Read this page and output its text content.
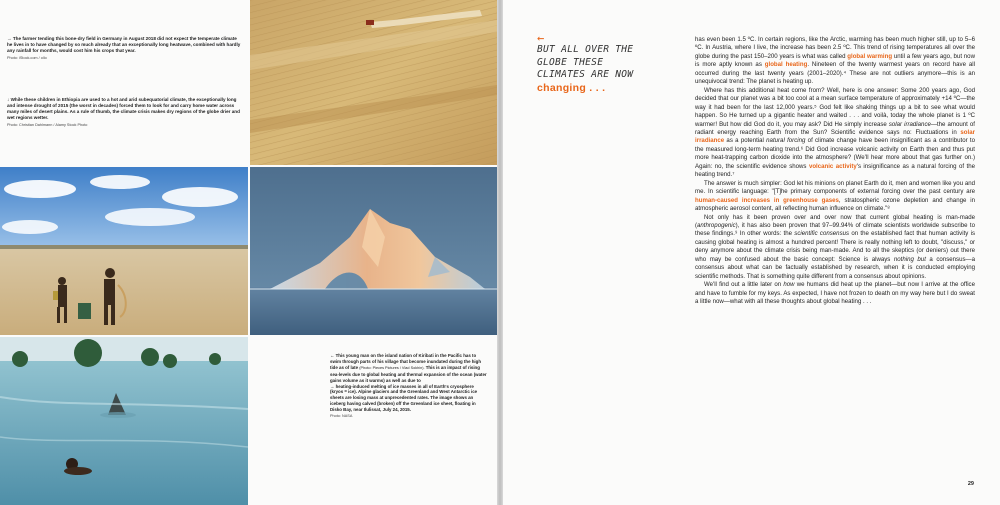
→ The farmer tending this bone-dry field in Germany in August 2018 did not expect the temperate climate he lives in to have changed by so much already that an exceptionally long heatwave, combined with hardly any rainfall for months, would cost him his crops that year.
Photo: iStock.com / ollo
↓ While these children in Ethiopia are used to a hot and arid subequatorial climate, the exceptionally long and intense drought of 2015 (the worst in decades) forced them to look for and carry home water across many miles of desert plains. As a rule of thumb, the climate crisis makes dry regions of the globe drier and wet regions wetter.
Photo: Christian Dahlmann / Alamy Stock Photo
← This young man on the island nation of Kiribati in the Pacific has to swim through parts of his village that become inundated during the high tide as of late (Photo: Pieces Pictures / Vlad Sokhin). This is an impact of rising sea-levels due to global heating and thermal expansion of the ocean (water gains volume as it warms) as well as due to
→ heating-induced melting of ice masses in all of Earth's cryosphere (kryos = ice). Alpine glaciers and the Greenland and West Antarctic ice sheets are losing mass at unprecedented rates. The image shows an iceberg having calved (broken) off the Greenland ice sheet, floating in Disko Bay, near Ilulissat, July 24, 2015.
Photo: NASA
←
BUT ALL OVER THE GLOBE THESE CLIMATES ARE NOW
changing . . .

has even been 1.5 ºC. In certain regions, like the Arctic, warming has been much higher still, up to 5–6 ºC. In Austria, where I live, the increase has been 2.5 ºC. This trend of rising temperatures all over the globe during the past 150–200 years is what was called global warming until a few years ago, but now is more aptly known as global heating. Nineteen of the twenty warmest years on record have all occurred during the last twenty years (2001–2020).⁴ These are not outliers anymore—this is an unequivocal trend: The planet is heating up.

Where has this additional heat come from? Well, here is one answer: Some 200 years ago, God decided that our planet was a bit too cool at a mean surface temperature of approximately +14 ºC—the way it had been for the last 12,000 years.⁵ God felt like shaking things up a bit to see what would happen. So He turned up a gigantic heater and waited . . . and voilà, today the whole planet is 1 ºC warmer! But how did God do it, you may ask? Did He simply increase solar irradiance—the amount of radiant energy reaching Earth from the Sun? Scientific evidence says no: Fluctuations in solar irradiance as a potential natural forcing of climate change have been insignificant as a contributor to the measured long-term heating trend.⁶ Did God increase volcanic activity on Earth then and thus put more heat-trapping carbon dioxide into the atmosphere? (We'll hear more about that gas further on.) Again: no, the scientific evidence shows volcanic activity's insignificance as a natural forcing of the heating trend.⁷

The answer is much simpler: God let his minions on planet Earth do it, men and women like you and me. In scientific language: "[T]he primary components of external forcing over the past century are human-caused increases in greenhouse gases, stratospheric ozone depletion and change in atmospheric aerosol content, all reflecting human influence on climate."⁸

Not only has it been proven over and over now that current global heating is man-made (anthropogenic), it has also been proven that 97–99.94% of climate scientists worldwide subscribe to these findings.⁹ In other words: the scientific consensus on the established fact that human activity is causing global heating is almost a hundred percent! There is really nothing left to doubt, "discuss," or deny anymore about the climate crisis being man-made. And to all the skeptics (or deniers) out there who may be confused about the basic concept: Science is always nothing but a consensus—a consensus about what can be factually established by research, when it is conducted employing scientific methods. That is something quite different from a consensus about opinions.

We'll find out a little later on how we humans did heat up the planet—but now I arrive at the office and have to fumble for my keys. As expected, I have not frozen to death on my way here but I do sweat a little now—what with all these thoughts about global heating . . .

29
